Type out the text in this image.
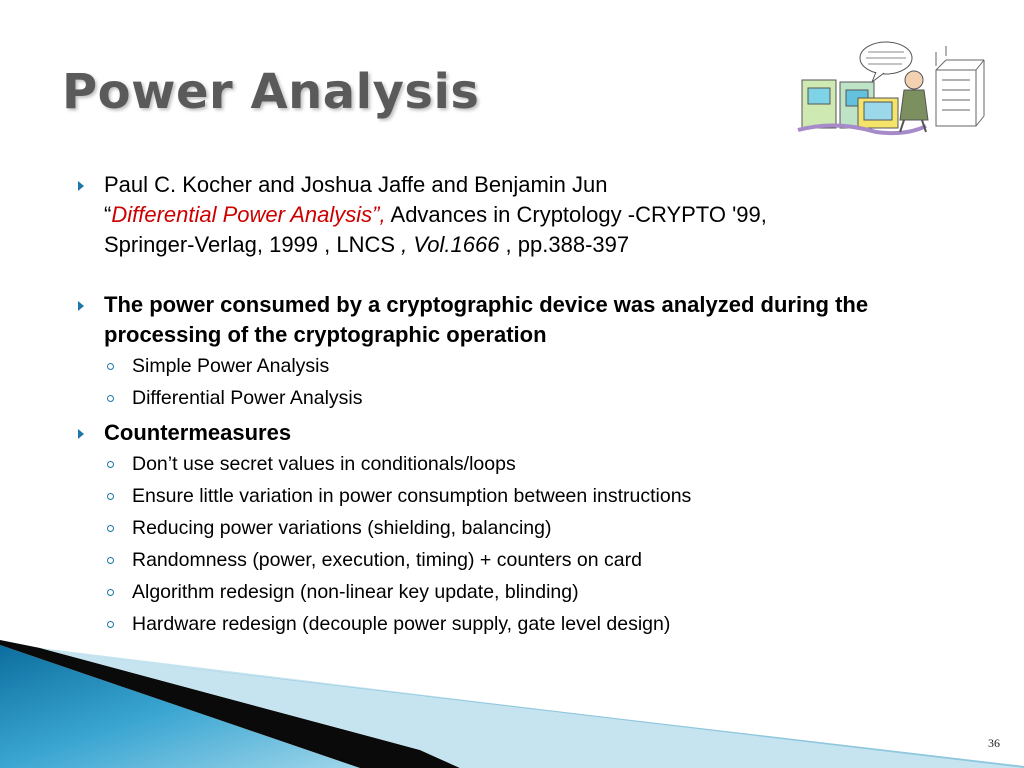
Power Analysis
Paul C. Kocher and Joshua Jaffe and Benjamin Jun
“Differential Power Analysis”, Advances in Cryptology -CRYPTO '99,
Springer-Verlag, 1999 , LNCS , Vol.1666 , pp.388-397
The power consumed by a cryptographic device was analyzed during the processing of the cryptographic operation
Simple Power Analysis
Differential Power Analysis
Countermeasures
Don’t use secret values in conditionals/loops
Ensure little variation in power consumption between instructions
Reducing power variations (shielding, balancing)
Randomness (power, execution, timing) + counters on card
Algorithm redesign (non-linear key update, blinding)
Hardware redesign (decouple power supply, gate level design)
36
